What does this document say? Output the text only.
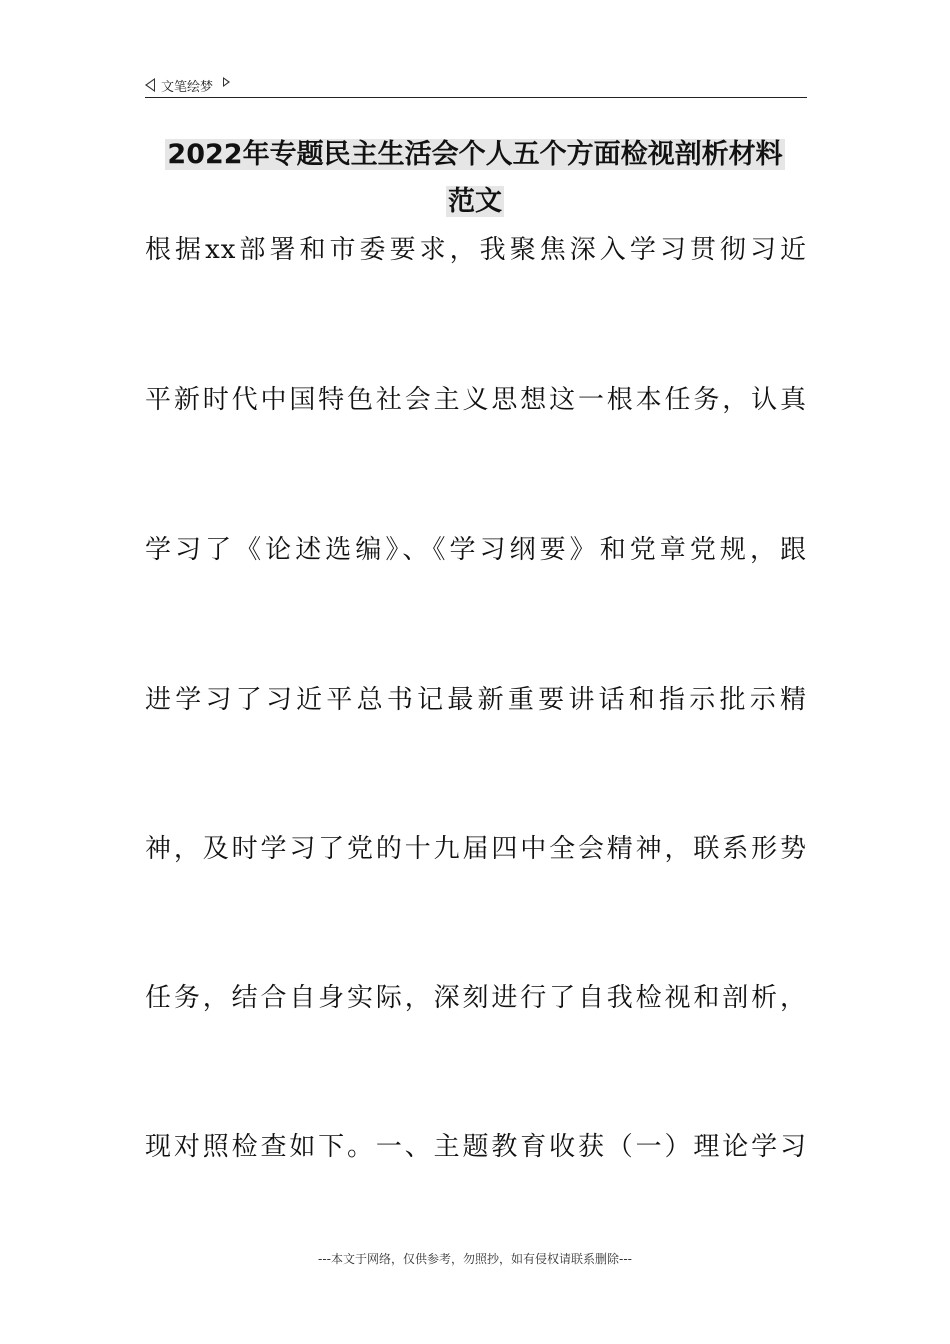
文笔绘梦
2022年专题民主生活会个人五个方面检视剖析材料
范文
根据xx部署和市委要求，我聚焦深入学习贯彻习近
平新时代中国特色社会主义思想这一根本任务，认真
学习了《论述选编》、《学习纲要》和党章党规，跟
进学习了习近平总书记最新重要讲话和指示批示精
神，及时学习了党的十九届四中全会精神，联系形势
任务，结合自身实际，深刻进行了自我检视和剖析，
现对照检查如下。一、主题教育收获（一）理论学习
---本文于网络，仅供参考，勿照抄，如有侵权请联系删除---
